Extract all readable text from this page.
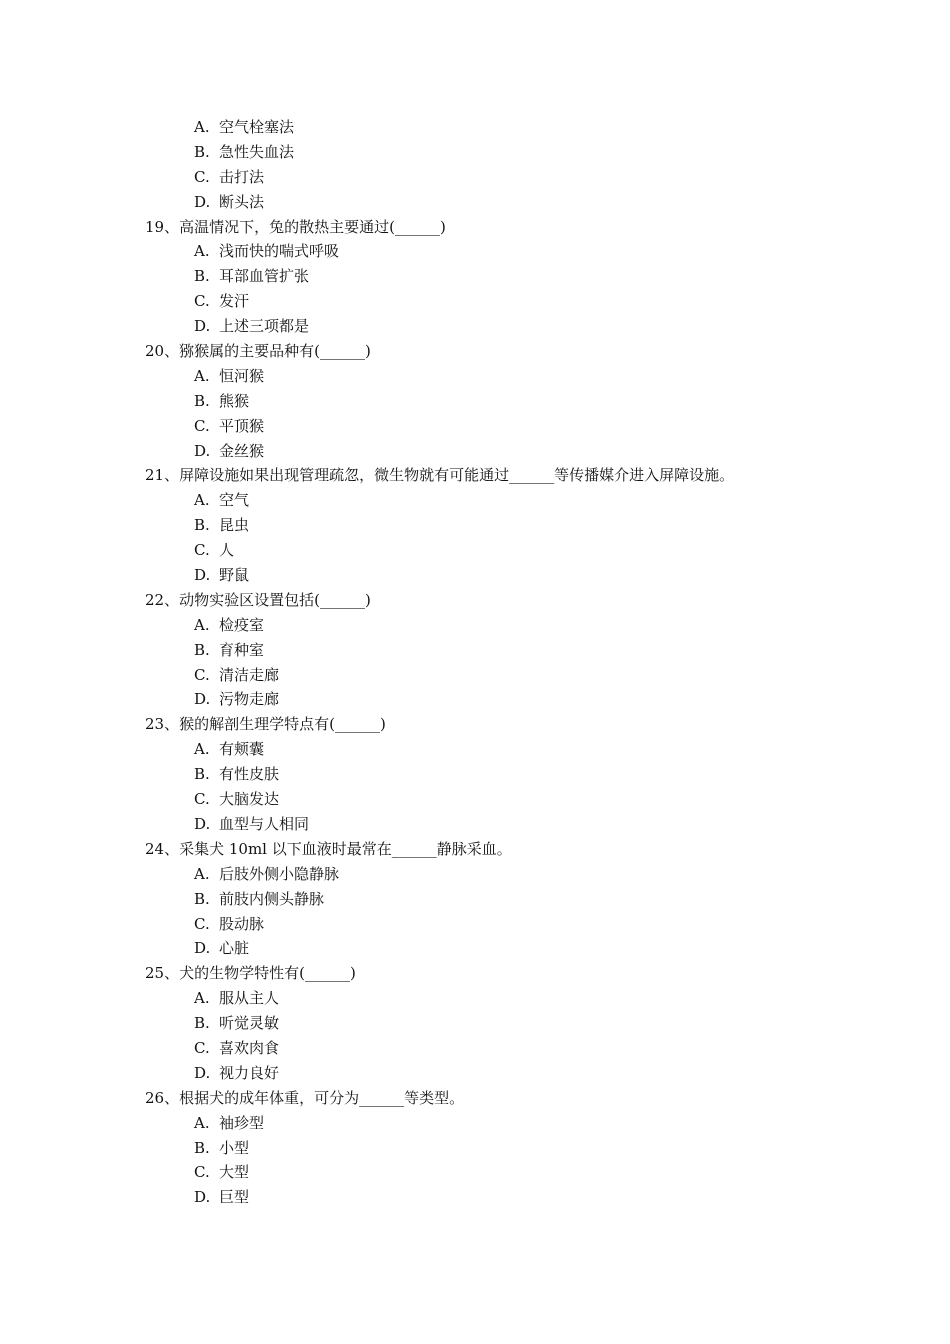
A. 空气栓塞法
B. 急性失血法
C. 击打法
D. 断头法
19、高温情况下，兔的散热主要通过(______)
A. 浅而快的喘式呼吸
B. 耳部血管扩张
C. 发汗
D. 上述三项都是
20、猕猴属的主要品种有(______)
A. 恒河猴
B. 熊猴
C. 平顶猴
D. 金丝猴
21、屏障设施如果出现管理疏忽，微生物就有可能通过______等传播媒介进入屏障设施。
A. 空气
B. 昆虫
C. 人
D. 野鼠
22、动物实验区设置包括(______)
A. 检疫室
B. 育种室
C. 清洁走廊
D. 污物走廊
23、猴的解剖生理学特点有(______)
A. 有颊囊
B. 有性皮肤
C. 大脑发达
D. 血型与人相同
24、采集犬 10ml 以下血液时最常在______静脉采血。
A. 后肢外侧小隐静脉
B. 前肢内侧头静脉
C. 股动脉
D. 心脏
25、犬的生物学特性有(______)
A. 服从主人
B. 听觉灵敏
C. 喜欢肉食
D. 视力良好
26、根据犬的成年体重，可分为______等类型。
A. 袖珍型
B. 小型
C. 大型
D. 巨型
